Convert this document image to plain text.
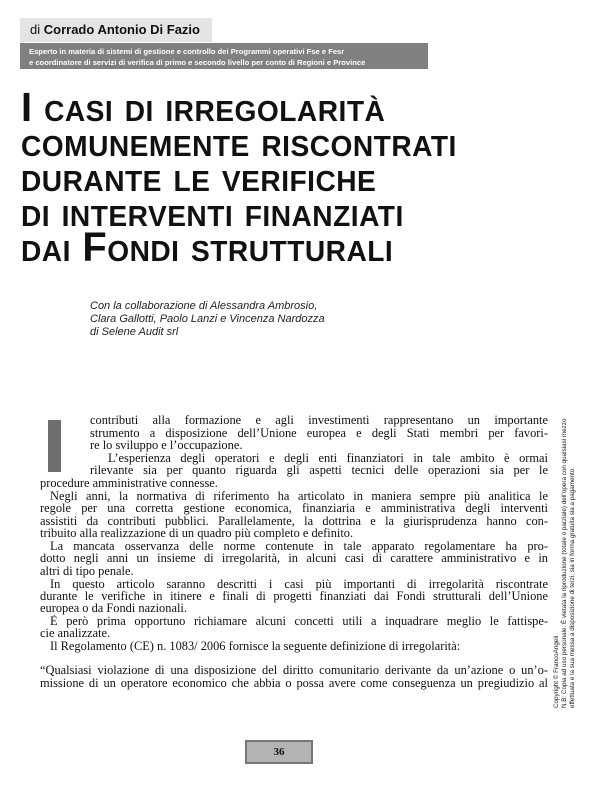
di Corrado Antonio Di Fazio
Esperto in materia di sistemi di gestione e controllo dei Programmi operativi Fse e Fesr
e coordinatore di servizi di verifica di primo e secondo livello per conto di Regioni e Province
I casi di irregolarità
comunemente riscontrati
durante le verifiche
di interventi finanziati
dai Fondi strutturali
Con la collaborazione di Alessandra Ambrosio,
Clara Gallotti, Paolo Lanzi e Vincenza Nardozza
di Selene Audit srl
contributi alla formazione e agli investimenti rappresentano un importante
strumento a disposizione dell’Unione europea e degli Stati membri per favori-
re lo sviluppo e l’occupazione.
L’esperienza degli operatori e degli enti finanziatori in tale ambito è ormai
rilevante sia per quanto riguarda gli aspetti tecnici delle operazioni sia per le
procedure amministrative connesse.
Negli anni, la normativa di riferimento ha articolato in maniera sempre più analitica le
regole per una corretta gestione economica, finanziaria e amministrativa degli interventi
assistiti da contributi pubblici. Parallelamente, la dottrina e la giurisprudenza hanno con-
tribuito alla realizzazione di un quadro più completo e definito.
La mancata osservanza delle norme contenute in tale apparato regolamentare ha pro-
dotto negli anni un insieme di irregolarità, in alcuni casi di carattere amministrativo e in
altri di tipo penale.
In questo articolo saranno descritti i casi più importanti di irregolarità riscontrate
durante le verifiche in itinere e finali di progetti finanziati dai Fondi strutturali dell’Unione
europea o da Fondi nazionali.
È però prima opportuno richiamare alcuni concetti utili a inquadrare meglio le fattispe-
cie analizzate.
Il Regolamento (CE) n. 1083/ 2006 fornisce la seguente definizione di irregolarità:
“Qualsiasi violazione di una disposizione del diritto comunitario derivante da un’azione o un’o-
missione di un operatore economico che abbia o possa avere come conseguenza un pregiudizio al Copyright © FrancoAngeli N.B: Copia ad uso personale. È vietata la riproduzione (totale o parziale) dell’opera con qualsiasi mezzo effettuata e la sua messa a disposizione di terzi, sia in forma gratuita sia a pagamento.
36
